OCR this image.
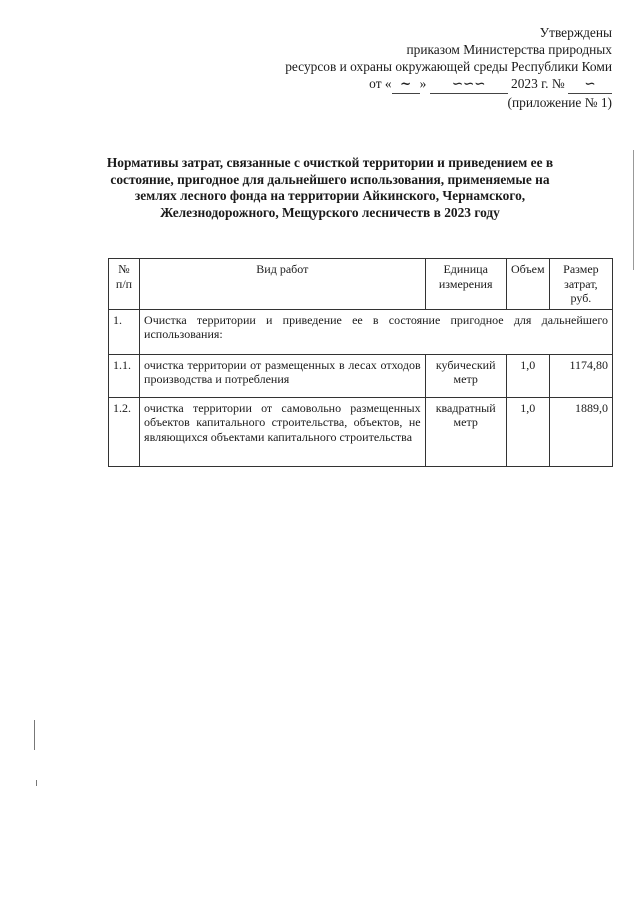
Утверждены
приказом Министерства природных
ресурсов и охраны окружающей среды Республики Коми
от « ~ » ∽∽∽ 2023 г. № ∽
(приложение № 1)
Нормативы затрат, связанные с очисткой территории и приведением ее в
состояние, пригодное для дальнейшего использования, применяемые на
землях лесного фонда на территории Айкинского, Чернамского,
Железнодорожного, Мещурского лесничеств в 2023 году
№ п/п	Вид работ	Единица измерения	Объем	Размер затрат, руб.
1.	Очистка территории и приведение ее в состояние пригодное для дальнейшего использования:			
1.1.	очистка территории от размещенных в лесах отходов производства и потребления	кубический метр	1,0	1174,80
1.2.	очистка территории от самовольно размещенных объектов капитального строительства, объектов, не являющихся объектами капитального строительства	квадратный метр	1,0	1889,0
